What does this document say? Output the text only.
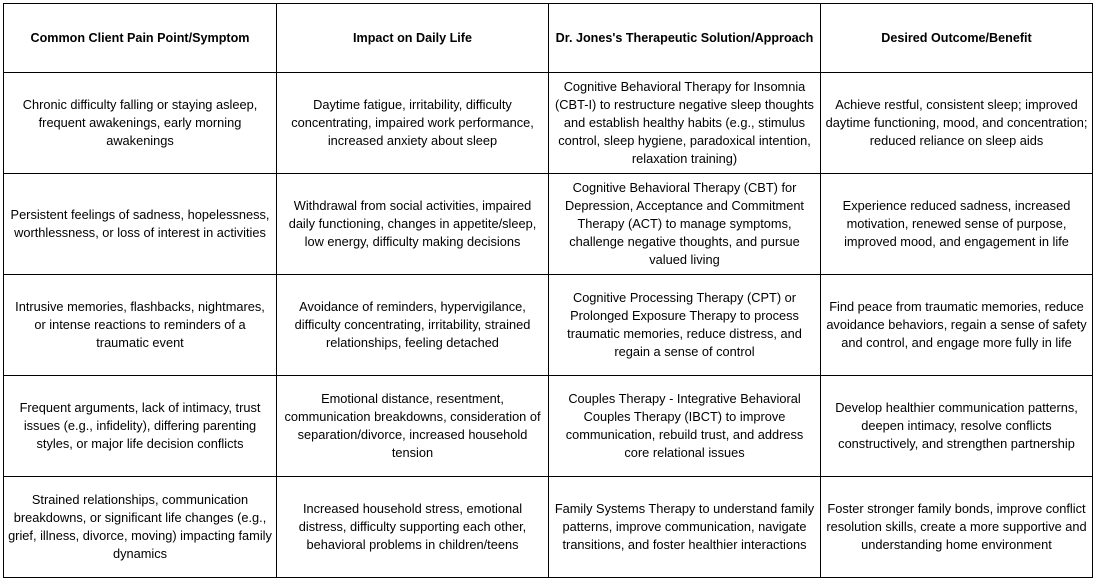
Common Client Pain Point/Symptom	Impact on Daily Life	Dr. Jones's Therapeutic Solution/Approach	Desired Outcome/Benefit
Chronic difficulty falling or staying asleep, frequent awakenings, early morning awakenings	Daytime fatigue, irritability, difficulty concentrating, impaired work performance, increased anxiety about sleep	Cognitive Behavioral Therapy for Insomnia (CBT-I) to restructure negative sleep thoughts and establish healthy habits (e.g., stimulus control, sleep hygiene, paradoxical intention, relaxation training)	Achieve restful, consistent sleep; improved daytime functioning, mood, and concentration; reduced reliance on sleep aids
Persistent feelings of sadness, hopelessness, worthlessness, or loss of interest in activities	Withdrawal from social activities, impaired daily functioning, changes in appetite/sleep, low energy, difficulty making decisions	Cognitive Behavioral Therapy (CBT) for Depression, Acceptance and Commitment Therapy (ACT) to manage symptoms, challenge negative thoughts, and pursue valued living	Experience reduced sadness, increased motivation, renewed sense of purpose, improved mood, and engagement in life
Intrusive memories, flashbacks, nightmares, or intense reactions to reminders of a traumatic event	Avoidance of reminders, hypervigilance, difficulty concentrating, irritability, strained relationships, feeling detached	Cognitive Processing Therapy (CPT) or Prolonged Exposure Therapy to process traumatic memories, reduce distress, and regain a sense of control	Find peace from traumatic memories, reduce avoidance behaviors, regain a sense of safety and control, and engage more fully in life
Frequent arguments, lack of intimacy, trust issues (e.g., infidelity), differing parenting styles, or major life decision conflicts	Emotional distance, resentment, communication breakdowns, consideration of separation/divorce, increased household tension	Couples Therapy - Integrative Behavioral Couples Therapy (IBCT) to improve communication, rebuild trust, and address core relational issues	Develop healthier communication patterns, deepen intimacy, resolve conflicts constructively, and strengthen partnership
Strained relationships, communication breakdowns, or significant life changes (e.g., grief, illness, divorce, moving) impacting family dynamics	Increased household stress, emotional distress, difficulty supporting each other, behavioral problems in children/teens	Family Systems Therapy to understand family patterns, improve communication, navigate transitions, and foster healthier interactions	Foster stronger family bonds, improve conflict resolution skills, create a more supportive and understanding home environment
